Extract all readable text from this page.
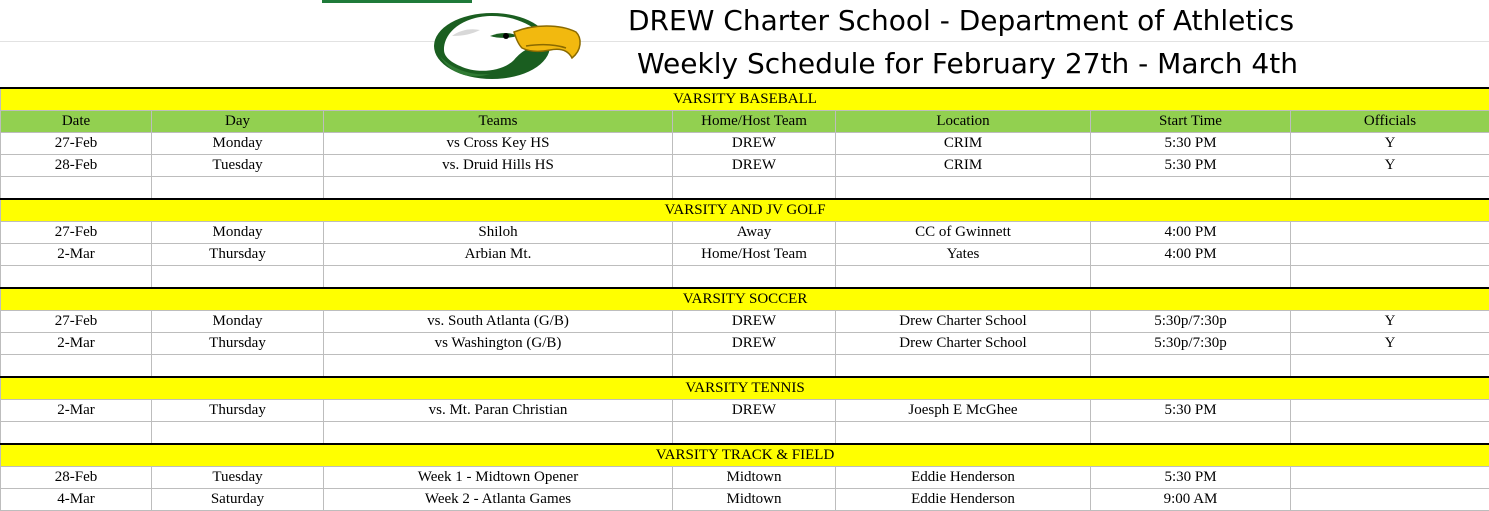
DREW Charter School - Department of Athletics
Weekly Schedule for February 27th - March 4th
VARSITY BASEBALL						
Date	Day	Teams	Home/Host Team	Location	Start Time	Officials
27-Feb	Monday	vs Cross Key HS	DREW	CRIM	5:30 PM	Y
28-Feb	Tuesday	vs. Druid Hills HS	DREW	CRIM	5:30 PM	Y

VARSITY AND JV GOLF						
27-Feb	Monday	Shiloh	Away	CC of Gwinnett	4:00 PM	
2-Mar	Thursday	Arbian Mt.	Home/Host Team	Yates	4:00 PM	

VARSITY SOCCER						
27-Feb	Monday	vs. South Atlanta (G/B)	DREW	Drew Charter School	5:30p/7:30p	Y
2-Mar	Thursday	vs Washington (G/B)	DREW	Drew Charter School	5:30p/7:30p	Y

VARSITY TENNIS						
2-Mar	Thursday	vs. Mt. Paran Christian	DREW	Joesph E McGhee	5:30 PM	

VARSITY TRACK & FIELD						
28-Feb	Tuesday	Week 1 - Midtown Opener	Midtown	Eddie Henderson	5:30 PM	
4-Mar	Saturday	Week 2 - Atlanta Games	Midtown	Eddie Henderson	9:00 AM	
